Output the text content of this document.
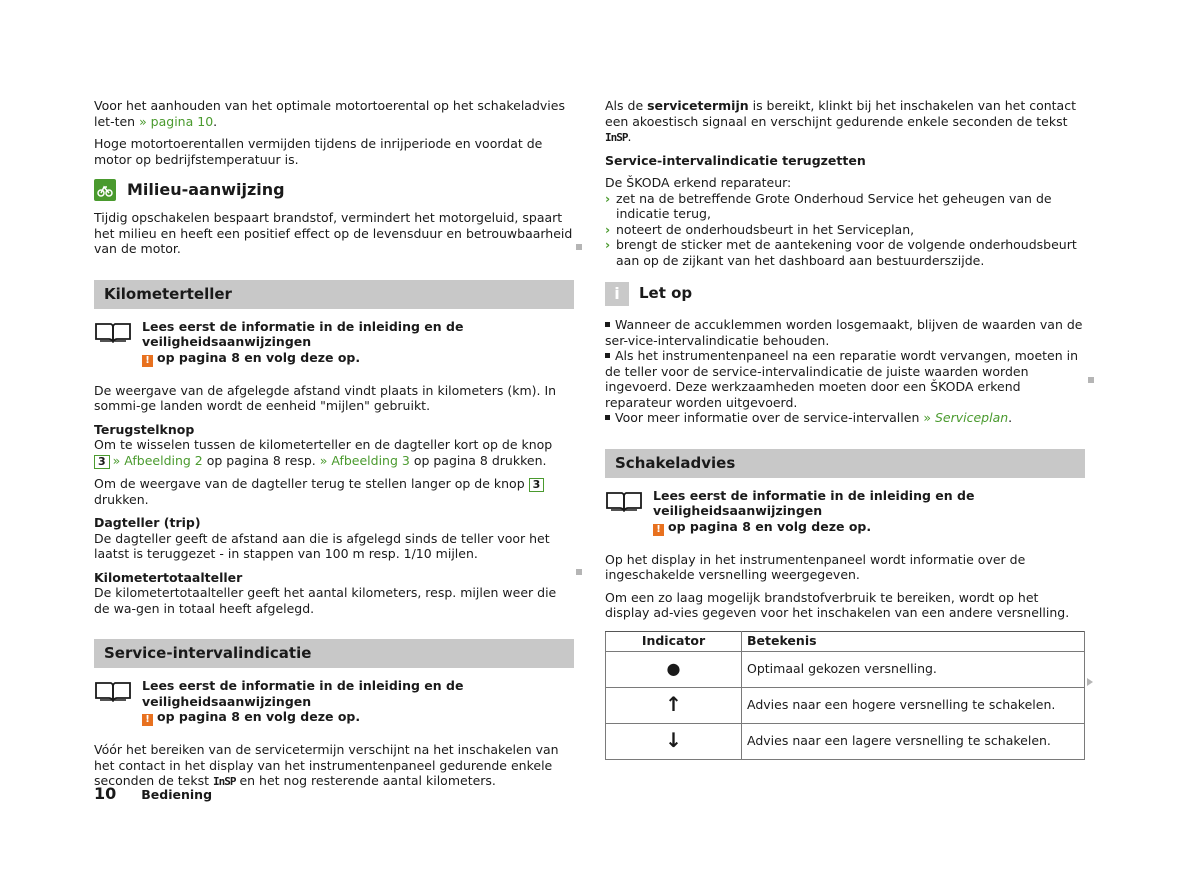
Voor het aanhouden van het optimale motortoerental op het schakeladvies let-ten » pagina 10.

Hoge motortoerentallen vermijden tijdens de inrijperiode en voordat de motor op bedrijfstemperatuur is.

Milieu-aanwijzing

Tijdig opschakelen bespaart brandstof, vermindert het motorgeluid, spaart het milieu en heeft een positief effect op de levensduur en betrouwbaarheid van de motor.

Kilometerteller
Lees eerst de informatie in de inleiding en de veiligheidsaanwijzingen
! op pagina 8 en volg deze op.

De weergave van de afgelegde afstand vindt plaats in kilometers (km). In sommi-ge landen wordt de eenheid "mijlen" gebruikt.

Terugstelknop

Om te wisselen tussen de kilometerteller en de dagteller kort op de knop
3 » Afbeelding 2 op pagina 8 resp. » Afbeelding 3 op pagina 8 drukken.

Om de weergave van de dagteller terug te stellen langer op de knop 3 drukken.

Dagteller (trip)

De dagteller geeft de afstand aan die is afgelegd sinds de teller voor het laatst is teruggezet - in stappen van 100 m resp. 1/10 mijlen.

Kilometertotaalteller

De kilometertotaalteller geeft het aantal kilometers, resp. mijlen weer die de wa-gen in totaal heeft afgelegd.

Service-intervalindicatie
Lees eerst de informatie in de inleiding en de veiligheidsaanwijzingen
! op pagina 8 en volg deze op.

Vóór het bereiken van de servicetermijn verschijnt na het inschakelen van het contact in het display van het instrumentenpaneel gedurende enkele seconden de tekst InSP en het nog resterende aantal kilometers.

Als de servicetermijn is bereikt, klinkt bij het inschakelen van het contact een akoestisch signaal en verschijnt gedurende enkele seconden de tekst InSP.

Service-intervalindicatie terugzetten

De ŠKODA erkend reparateur:

› zet na de betreffende Grote Onderhoud Service het geheugen van de indicatie terug,
› noteert de onderhoudsbeurt in het Serviceplan,
› brengt de sticker met de aantekening voor de volgende onderhoudsbeurt aan op de zijkant van het dashboard aan bestuurderszijde.
i	Let op
Wanneer de accuklemmen worden losgemaakt, blijven de waarden van de ser-vice-intervalindicatie behouden.
Als het instrumentenpaneel na een reparatie wordt vervangen, moeten in de teller voor de service-intervalindicatie de juiste waarden worden ingevoerd. Deze werkzaamheden moeten door een ŠKODA erkend reparateur worden uitgevoerd.
Voor meer informatie over de service-intervallen » Serviceplan.
Schakeladvies
Lees eerst de informatie in de inleiding en de veiligheidsaanwijzingen
! op pagina 8 en volg deze op.

Op het display in het instrumentenpaneel wordt informatie over de ingeschakelde versnelling weergegeven.

Om een zo laag mogelijk brandstofverbruik te bereiken, wordt op het display ad-vies gegeven voor het inschakelen van een andere versnelling.

Indicator	Betekenis
●	Optimaal gekozen versnelling.
↑	Advies naar een hogere versnelling te schakelen.
↓	Advies naar een lagere versnelling te schakelen.
10 Bediening
